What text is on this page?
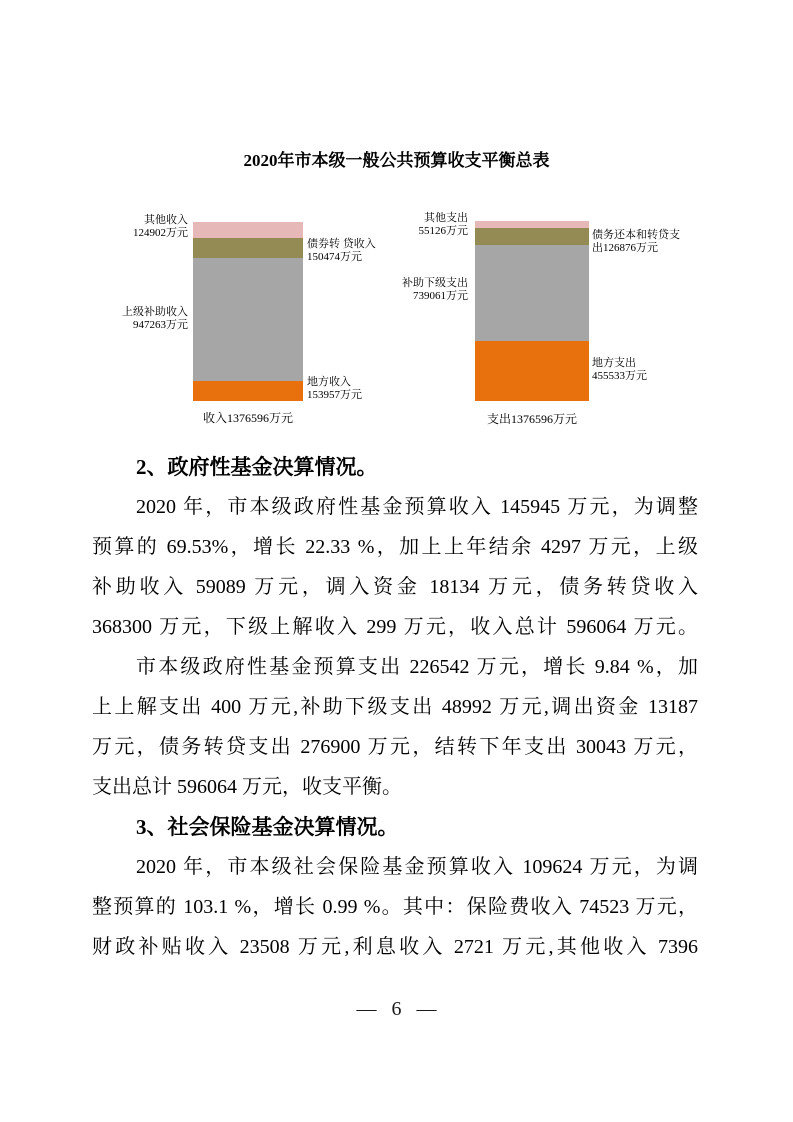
2020年市本级一般公共预算收支平衡总表
其他收入
124902万元
债券转 贷收入
150474万元
上级补助收入
947263万元
地方收入
153957万元
收入1376596万元
其他支出
55126万元	债务还本和转贷支
出126876万元
补助下级支出
739061万元
地方支出
455533万元
支出1376596万元
2、政府性基金决算情况。
2020 年，市本级政府性基金预算收入 145945 万元，为调整
预算的 69.53%，增长 22.33 %，加上上年结余 4297 万元，上级
补助收入 59089 万元，调入资金 18134 万元，债务转贷收入
368300 万元，下级上解收入 299 万元，收入总计 596064 万元。
市本级政府性基金预算支出 226542 万元，增长 9.84 %，加
上上解支出 400 万元,补助下级支出 48992 万元,调出资金 13187
万元，债务转贷支出 276900 万元，结转下年支出 30043 万元，
支出总计 596064 万元，收支平衡。
3、社会保险基金决算情况。
2020 年，市本级社会保险基金预算收入 109624 万元，为调
整预算的 103.1 %，增长 0.99 %。其中：保险费收入 74523 万元，
财政补贴收入 23508 万元,利息收入 2721 万元,其他收入 7396
— 6 —
